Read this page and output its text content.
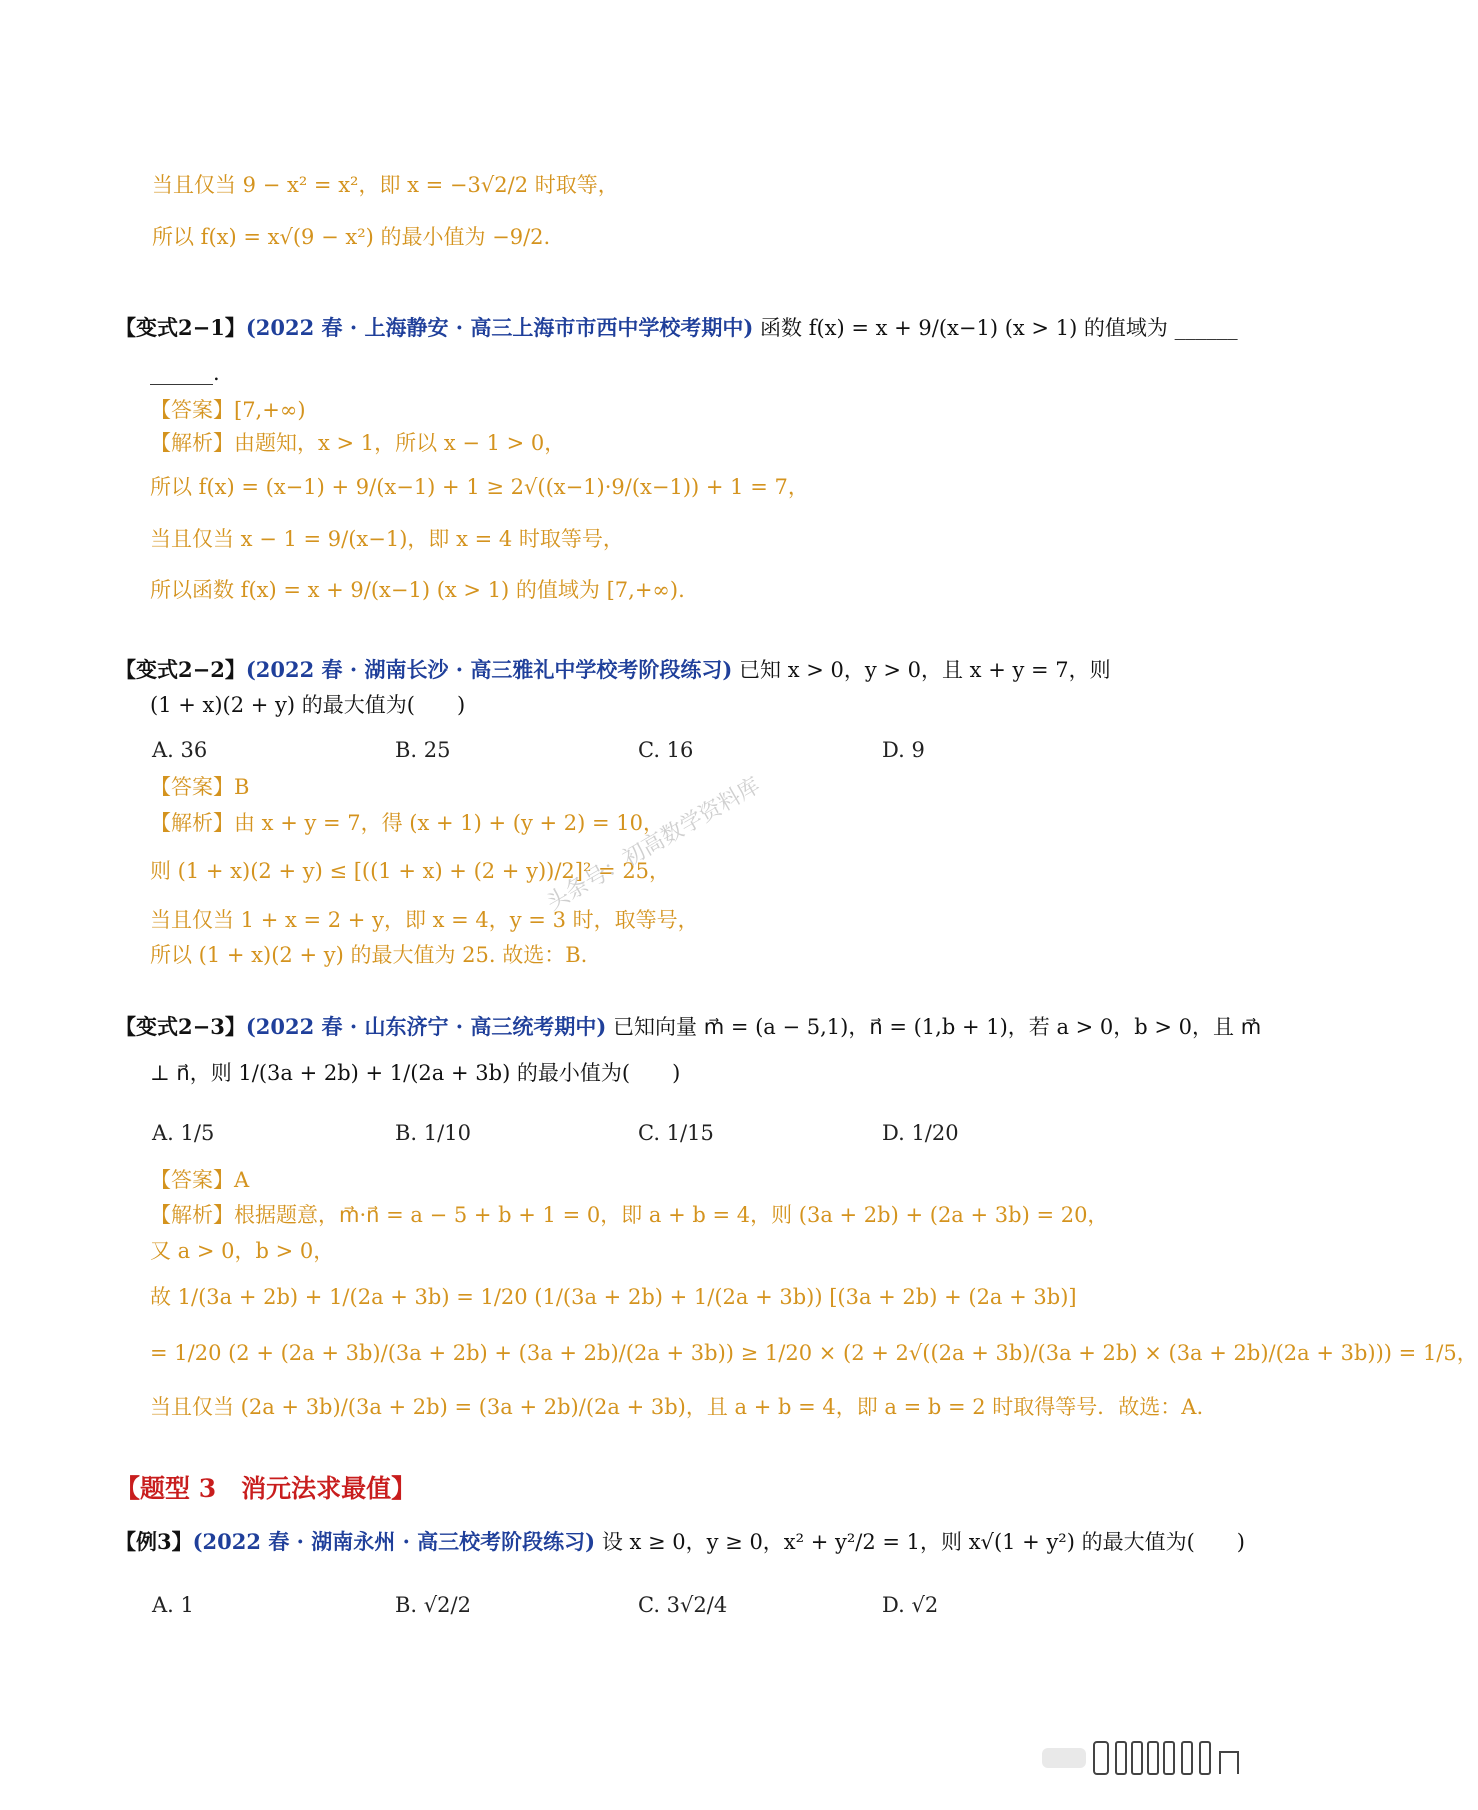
当且仅当 9 − x² = x²，即 x = −3√2/2 时取等，
所以 f(x) = x√(9 − x²) 的最小值为 −9/2.
【变式2−1】(2022 春 · 上海静安 · 高三上海市市西中学校考期中) 函数 f(x) = x + 9/(x−1) (x > 1) 的值域为 ______
______.
【答案】[7,+∞)
【解析】由题知，x > 1，所以 x − 1 > 0，
所以 f(x) = (x−1) + 9/(x−1) + 1 ≥ 2√((x−1)·9/(x−1)) + 1 = 7，
当且仅当 x − 1 = 9/(x−1)，即 x = 4 时取等号，
所以函数 f(x) = x + 9/(x−1) (x > 1) 的值域为 [7,+∞).
【变式2−2】(2022 春 · 湖南长沙 · 高三雅礼中学校考阶段练习) 已知 x > 0，y > 0，且 x + y = 7，则
(1 + x)(2 + y) 的最大值为(　　)
A. 36	B. 25	C. 16	D. 9
【答案】B
【解析】由 x + y = 7，得 (x + 1) + (y + 2) = 10，
则 (1 + x)(2 + y) ≤ [((1 + x) + (2 + y))/2]² = 25，
当且仅当 1 + x = 2 + y，即 x = 4，y = 3 时，取等号，
所以 (1 + x)(2 + y) 的最大值为 25. 故选：B.
头条号：初高数学资料库
【变式2−3】(2022 春 · 山东济宁 · 高三统考期中) 已知向量 m⃗ = (a − 5,1)，n⃗ = (1,b + 1)，若 a > 0，b > 0，且 m⃗
⊥ n⃗，则 1/(3a + 2b) + 1/(2a + 3b) 的最小值为(　　)
A. 1/5	B. 1/10	C. 1/15	D. 1/20
【答案】A
【解析】根据题意，m⃗·n⃗ = a − 5 + b + 1 = 0，即 a + b = 4，则 (3a + 2b) + (2a + 3b) = 20，
又 a > 0，b > 0，
故 1/(3a + 2b) + 1/(2a + 3b) = 1/20 (1/(3a + 2b) + 1/(2a + 3b)) [(3a + 2b) + (2a + 3b)]
= 1/20 (2 + (2a + 3b)/(3a + 2b) + (3a + 2b)/(2a + 3b)) ≥ 1/20 × (2 + 2√((2a + 3b)/(3a + 2b) × (3a + 2b)/(2a + 3b))) = 1/5，
当且仅当 (2a + 3b)/(3a + 2b) = (3a + 2b)/(2a + 3b)，且 a + b = 4，即 a = b = 2 时取得等号．故选：A.
【题型 3　消元法求最值】
【例3】(2022 春 · 湖南永州 · 高三校考阶段练习) 设 x ≥ 0，y ≥ 0，x² + y²/2 = 1，则 x√(1 + y²) 的最大值为(　　)
A. 1	B. √2/2	C. 3√2/4	D. √2
